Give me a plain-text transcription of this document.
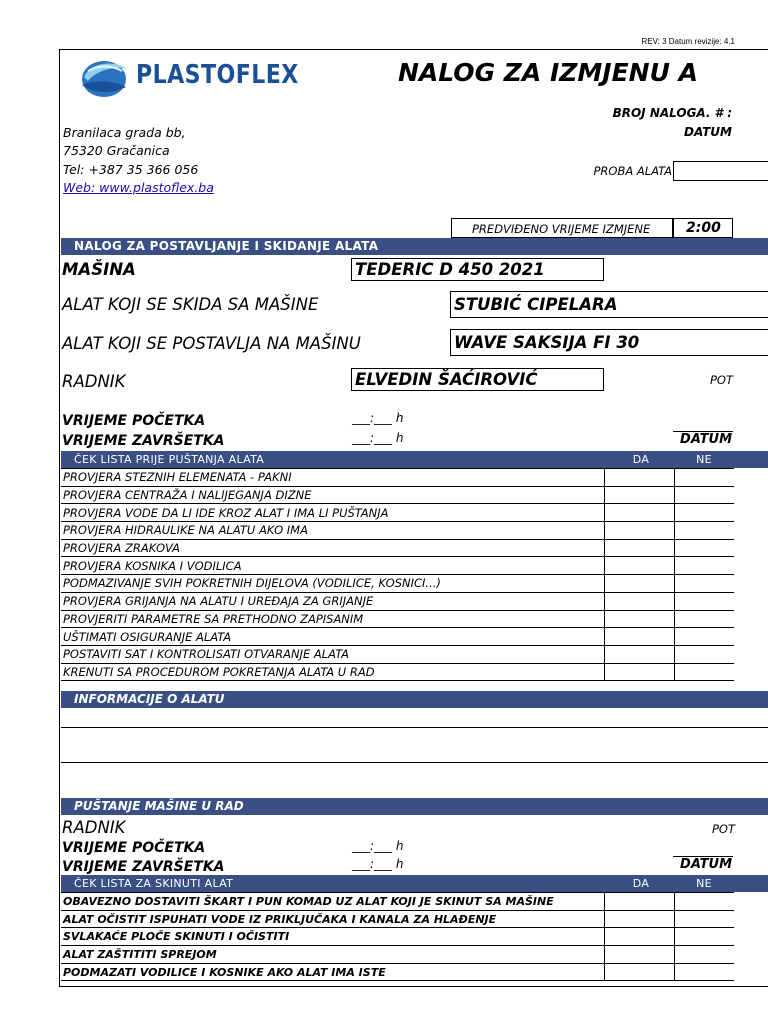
REV: 3 Datum revizije: 4.1
PLASTOFLEX	NALOG ZA IZMJENU A
BROJ NALOGA. # :
DATUM
Branilaca grada bb,
75320 Gračanica
Tel: +387 35 366 056
Web: www.plastoflex.ba
PROBA ALATA
PREDVIĐENO VRIJEME IZMJENE	2:00
NALOG ZA POSTAVLJANJE I SKIDANJE ALATA
MAŠINA	TEDERIC D 450 2021
ALAT KOJI SE SKIDA SA MAŠINE	STUBIĆ CIPELARA
ALAT KOJI SE POSTAVLJA NA MAŠINU	WAVE SAKSIJA FI 30
RADNIK	ELVEDIN ŠAĆIROVIĆ	POT
VRIJEME POČETKA	___:___ h
VRIJEME ZAVRŠETKA	___:___ h	DATUM
ČEK LISTA PRIJE PUŠTANJA ALATA	DA	NE
PROVJERA STEZNIH ELEMENATA - PAKNI		
PROVJERA CENTRAŽA I NALIJEGANJA DIZNE		
PROVJERA VODE DA LI IDE KROZ ALAT I IMA LI PUŠTANJA		
PROVJERA HIDRAULIKE NA ALATU AKO IMA		
PROVJERA ZRAKOVA		
PROVJERA KOSNIKA I VODILICA		
PODMAZIVANJE SVIH POKRETNIH DIJELOVA (VODILICE, KOSNICI...)		
PROVJERA GRIJANJA NA ALATU I UREĐAJA ZA GRIJANJE		
PROVJERITI PARAMETRE SA PRETHODNO ZAPISANIM		
UŠTIMATI OSIGURANJE ALATA		
POSTAVITI SAT I KONTROLISATI OTVARANJE ALATA		
KRENUTI SA PROCEDUROM POKRETANJA ALATA U RAD		
INFORMACIJE O ALATU
PUŠTANJE MAŠINE U RAD
RADNIK	POT
VRIJEME POČETKA	___:___ h
VRIJEME ZAVRŠETKA	___:___ h	DATUM
ČEK LISTA ZA SKINUTI ALAT	DA	NE
OBAVEZNO DOSTAVITI ŠKART I PUN KOMAD UZ ALAT KOJI JE SKINUT SA MAŠINE		
ALAT OČISTIT ISPUHATI VODE IZ PRIKLJUČAKA I KANALA ZA HLAĐENJE		
SVLAKAĆE PLOČE SKINUTI I OČISTITI		
ALAT ZAŠTITITI SPREJOM		
PODMAZATI VODILICE I KOSNIKE AKO ALAT IMA ISTE		
